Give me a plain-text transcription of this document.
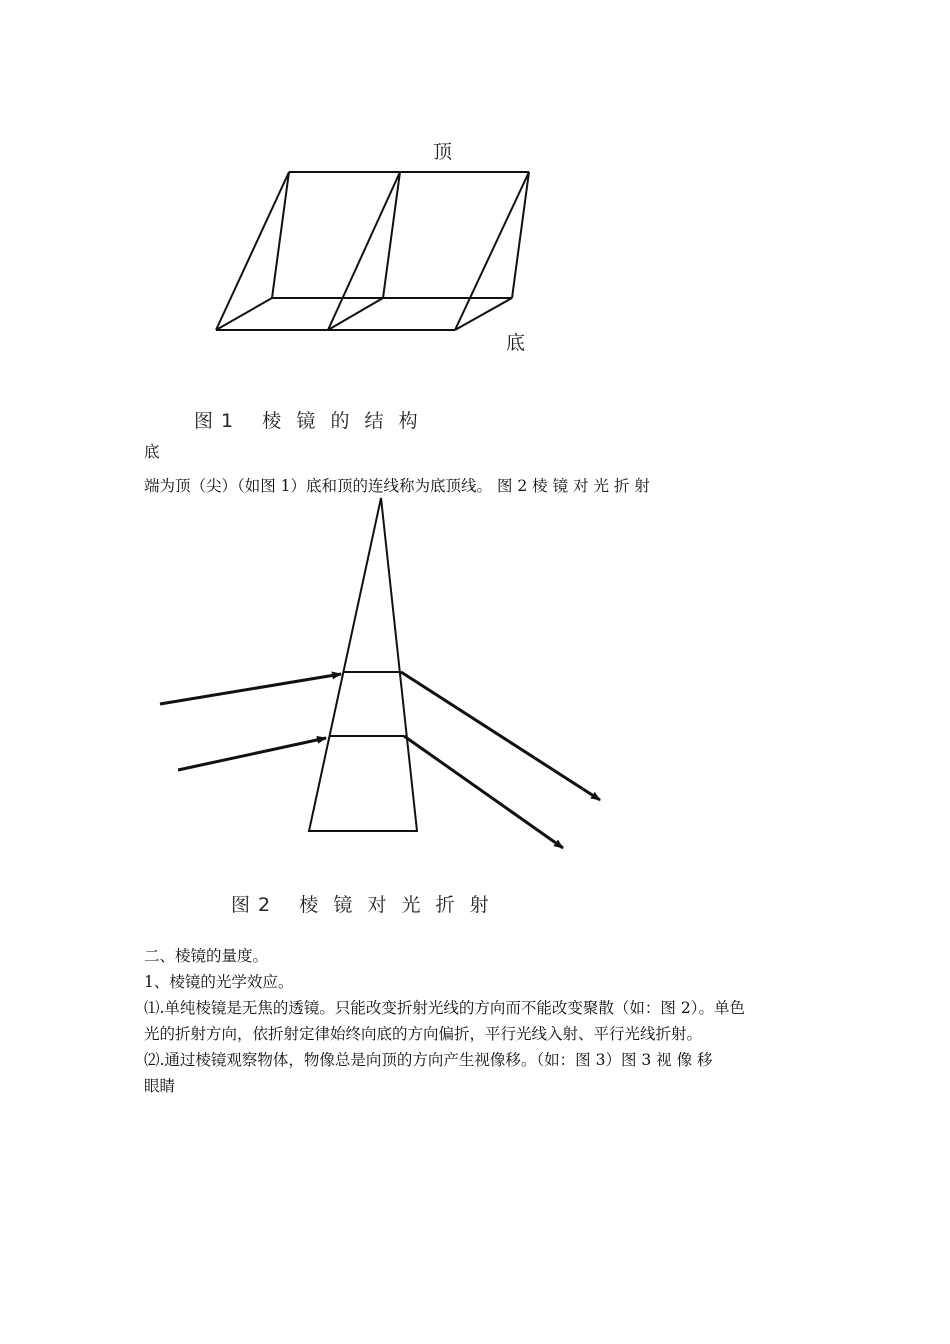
顶
底
图 1    棱  镜  的  结  构
底
端为顶（尖）（如图 1）底和顶的连线称为底顶线。 图 2 棱 镜 对 光 折 射
图 2    棱  镜  对  光  折  射
二、棱镜的量度。
1、棱镜的光学效应。
⑴.单纯棱镜是无焦的透镜。只能改变折射光线的方向而不能改变聚散（如：图 2）。单色
光的折射方向，依折射定律始终向底的方向偏折，平行光线入射、平行光线折射。
⑵.通过棱镜观察物体，物像总是向顶的方向产生视像移。（如：图 3）图 3 视 像 移
眼睛
